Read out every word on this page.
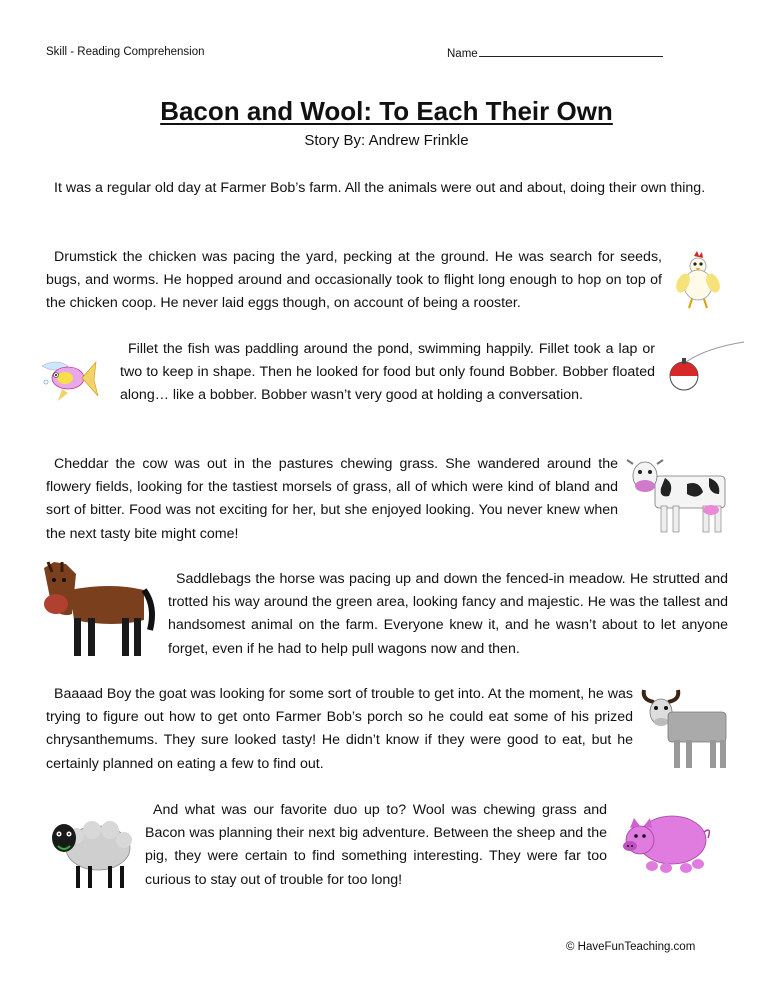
Skill - Reading Comprehension	Name
Bacon and Wool: To Each Their Own
Story By: Andrew Frinkle

It was a regular old day at Farmer Bob’s farm. All the animals were out and about, doing their own thing.

Drumstick the chicken was pacing the yard, pecking at the ground. He was search for seeds, bugs, and worms. He hopped around and occasionally took to flight long enough to hop on top of the chicken coop. He never laid eggs though, on account of being a rooster.

Fillet the fish was paddling around the pond, swimming happily. Fillet took a lap or two to keep in shape. Then he looked for food but only found Bobber. Bobber floated along… like a bobber. Bobber wasn’t very good at holding a conversation.

Cheddar the cow was out in the pastures chewing grass. She wandered around the flowery fields, looking for the tastiest morsels of grass, all of which were kind of bland and sort of bitter. Food was not exciting for her, but she enjoyed looking. You never knew when the next tasty bite might come!

Saddlebags the horse was pacing up and down the fenced-in meadow. He strutted and trotted his way around the green area, looking fancy and majestic. He was the tallest and handsomest animal on the farm. Everyone knew it, and he wasn’t about to let anyone forget, even if he had to help pull wagons now and then.

Baaaad Boy the goat was looking for some sort of trouble to get into. At the moment, he was trying to figure out how to get onto Farmer Bob’s porch so he could eat some of his prized chrysanthemums. They sure looked tasty! He didn’t know if they were good to eat, but he certainly planned on eating a few to find out.

And what was our favorite duo up to? Wool was chewing grass and Bacon was planning their next big adventure. Between the sheep and the pig, they were certain to find something interesting. They were far too curious to stay out of trouble for too long!

© HaveFunTeaching.com
